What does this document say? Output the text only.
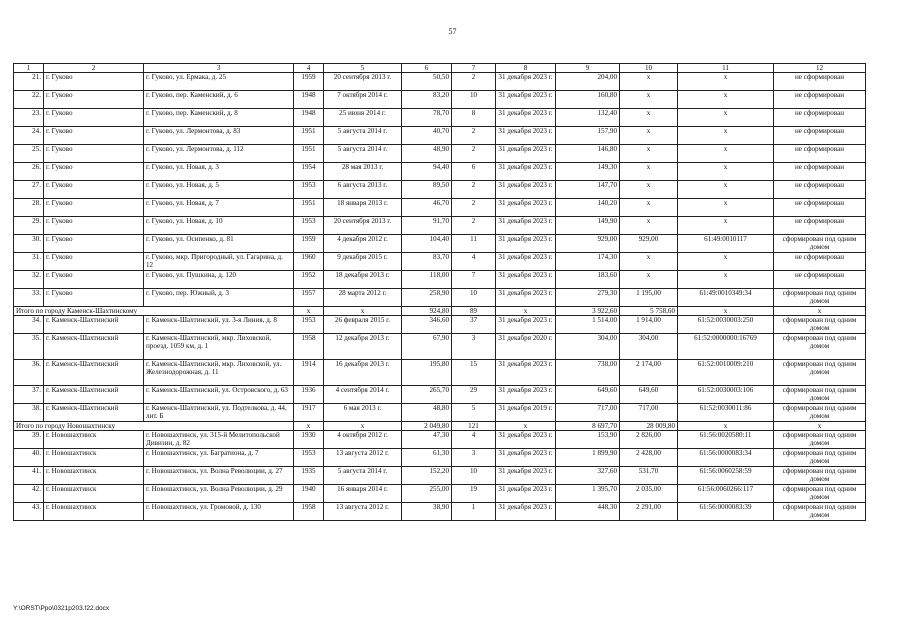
57
1	2	3	4	5	6	7	8	9	10	11	12
21.	г. Гуково	г. Гуково, ул. Ермака, д. 25	1959	20 сентября 2013 г.	50,50	2	31 декабря 2023 г.	204,00	х	х	не сформирован
22.	г. Гуково	г. Гуково, пер. Каменский, д. 6	1948	7 октября 2014 г.	83,20	10	31 декабря 2023 г.	160,80	х	х	не сформирован
23.	г. Гуково	г. Гуково, пер. Каменский, д. 8	1948	25 июня 2014 г.	78,70	8	31 декабря 2023 г.	132,40	х	х	не сформирован
24.	г. Гуково	г. Гуково, ул. Лермонтова, д. 83	1951	5 августа 2014 г.	40,70	2	31 декабря 2023 г.	157,90	х	х	не сформирован
25.	г. Гуково	г. Гуково, ул. Лермонтова, д. 112	1951	5 августа 2014 г.	48,90	2	31 декабря 2023 г.	146,80	х	х	не сформирован
26.	г. Гуково	г. Гуково, ул. Новая, д. 3	1954	28 мая 2013 г.	94,40	6	31 декабря 2023 г.	149,30	х	х	не сформирован
27.	г. Гуково	г. Гуково, ул. Новая, д. 5	1953	6 августа 2013 г.	89,50	2	31 декабря 2023 г.	147,70	х	х	не сформирован
28.	г. Гуково	г. Гуково, ул. Новая, д. 7	1951	18 января 2013 г.	46,70	2	31 декабря 2023 г.	140,20	х	х	не сформирован
29.	г. Гуково	г. Гуково, ул. Новая, д. 10	1953	20 сентября 2013 г.	91,70	2	31 декабря 2023 г.	149,90	х	х	не сформирован
30.	г. Гуково	г. Гуково, ул. Осипенко, д. 81	1959	4 декабря 2012 г.	104,40	11	31 декабря 2023 г.	929,00	929,00	61:49:0010117	сформирован под одним домом
31.	г. Гуково	г. Гуково, мкр. Пригородный, ул. Гагарина, д. 12	1960	9 декабря 2015 г.	83,70	4	31 декабря 2023 г.	174,30	х	х	не сформирован
32.	г. Гуково	г. Гуково, ул. Пушкина, д. 120	1952	18 декабря 2013 г.	118,00	7	31 декабря 2023 г.	183,60	х	х	не сформирован
33.	г. Гуково	г. Гуково, пер. Южный, д. 3	1957	28 марта 2012 г.	258,90	10	31 декабря 2023 г.	279,30	1 195,00	61:49:0010349:34	сформирован под одним домом
Итого по городу Каменск-Шахтинскому			х	х	924,80	89	х	3 922,60	5 758,60	х	х
34.	г. Каменск-Шахтинский	г. Каменск-Шахтинский, ул. 3-я Линия, д. 8	1953	26 февраля 2015 г.	346,60	37	31 декабря 2023 г.	1 514,00	1 914,00	61:52:0030003:250	сформирован под одним домом
35.	г. Каменск-Шахтинский	г. Каменск-Шахтинский, мкр. Лиховской, проезд. 1059 км, д. 1	1958	12 декабря 2013 г.	67,90	3	31 декабря 2020 г.	304,00	304,00	61:52:0000000:16769	сформирован под одним домом
36.	г. Каменск-Шахтинский	г. Каменск-Шахтинский, мкр. Лиховской, ул. Железнодорожная, д. 11	1914	16 декабря 2013 г.	195,80	15	31 декабря 2023 г.	738,00	2 174,00	61:52:0010009:210	сформирован под одним домом
37.	г. Каменск-Шахтинский	г. Каменск-Шахтинский, ул. Островского, д. 63	1936	4 сентября 2014 г.	265,70	29	31 декабря 2023 г.	649,60	649,60	61:52:0030003:106	сформирован под одним домом
38.	г. Каменск-Шахтинский	г. Каменск-Шахтинский, ул. Подтелкова, д. 44, лит. Б	1917	6 мая 2013 г.	48,80	5	31 декабря 2019 г.	717,00	717,00	61:52:0030011:86	сформирован под одним домом
Итого по городу Новошахтинску			х	х	2 049,80	121	х	8 697,70	28 009,80	х	х
39.	г. Новошахтинск	г. Новошахтинск, ул. 315-й Мелитопольской Дивизии, д. 82	1930	4 октября 2012 г.	47,30	4	31 декабря 2023 г.	153,90	2 826,00	61:56:0020580:11	сформирован под одним домом
40.	г. Новошахтинск	г. Новошахтинск, ул. Багратиона, д. 7	1953	13 августа 2012 г.	61,30	3	31 декабря 2023 г.	1 899,90	2 428,00	61:56:0000083:34	сформирован под одним домом
41.	г. Новошахтинск	г. Новошахтинск, ул. Волна Революции, д. 27	1935	5 августа 2014 г.	152,20	10	31 декабря 2023 г.	327,60	531,70	61:56:0060258:59	сформирован под одним домом
42.	г. Новошахтинск	г. Новошахтинск, ул. Волна Революции, д. 29	1940	16 января 2014 г.	255,00	19	31 декабря 2023 г.	1 395,70	2 035,00	61:56:0060266:117	сформирован под одним домом
43.	г. Новошахтинск	г. Новошахтинск, ул. Громовой, д. 130	1958	13 августа 2012 г.	38,90	1	31 декабря 2023 г.	448,30	2 291,00	61:56:0000083:39	сформирован под одним домом
Y:\ORST\Ppo\0321p203.f22.docx
